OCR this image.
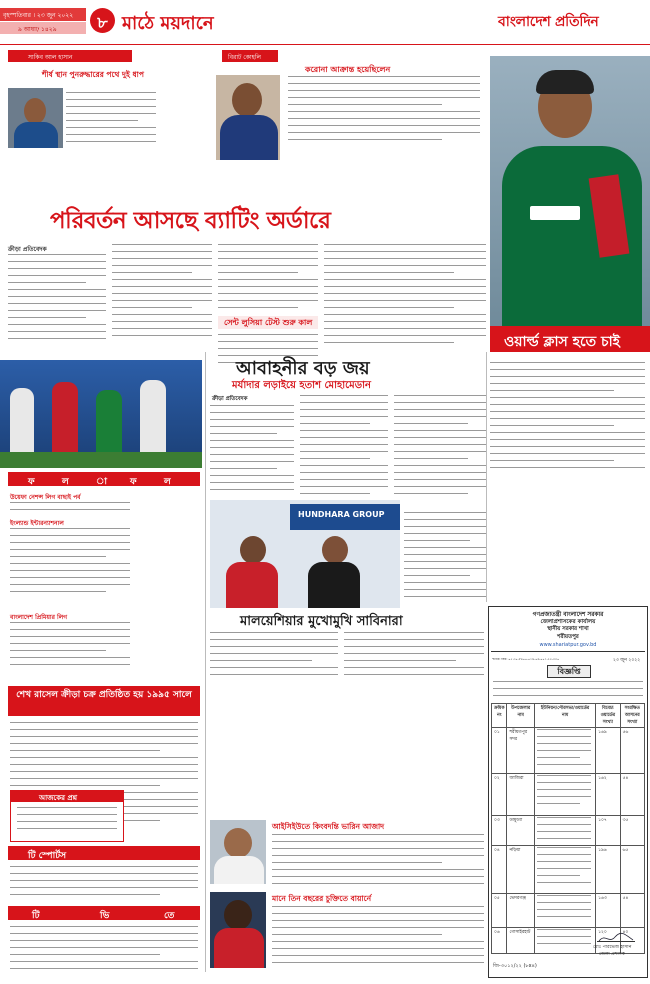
বৃহস্পতিবার । ২৩ জুন ২০২২
৯ আষাঢ় ১৪২৯	৮ মাঠে ময়দানে	বাংলাদেশ প্রতিদিন
সাকিব আল হাসান
শীর্ষ স্থান পুনরুদ্ধারের পথে দুই ধাপ
বিরাট কোহলি
করোনা আক্রান্ত হয়েছিলেন
ওয়ার্ল্ড ক্লাস হতে চাই
পরিবর্তন আসছে ব্যাটিং অর্ডারে
ক্রীড়া প্রতিবেদক
সেন্ট লুসিয়া টেস্ট শুরু কাল
আবাহনীর বড় জয়
মর্যাদার লড়াইয়ে হতাশ মোহামেডান
ক্রীড়া প্রতিবেদক
HUNDHARA GROUP
মালয়েশিয়ার মুখোমুখি সাবিনারা
ফ	ল	া	ফ	ল
উয়েফা নেশন্স লিগ বাছাই পর্ব
ইংল্যান্ড ইন্টারন্যাশনাল
বাংলাদেশ প্রিমিয়ার লিগ
শেখ রাসেল ক্রীড়া চক্র প্রতিষ্ঠিত হয় ১৯৯৫ সালে
আজকের প্রশ্ন
টি স্পোর্টস
টি	ভি	তে
আইসিইউতে কিংবদন্তি ভারিন আজাদ
মানে তিন বছরের চুক্তিতে বায়ার্নে
গণপ্রজাতন্ত্রী বাংলাদেশ সরকার
জেলাপ্রশাসকের কার্যালয়
স্থানীয় সরকার শাখা
শরীয়তপুর
www.shariatpur.gov.bd
স্মারক নম্বর: ০৫.৩০.৮৬০০.০১৬.০৬.০০১.২২-৩৩০	২৩ জুন ২০২২
বিজ্ঞপ্তি
ক্রমিক নং	উপজেলার নাম	ইউনিয়ন/পৌরসভা/ওয়ার্ডের নাম	বিবেচ্য ওয়ার্ডের সংখ্যা	সংরক্ষিত আসনের সংখ্যা
০১	শরীয়তপুর সদর		১৬৯	৫৬
০২	জাজিরা		১৬২	৫৪
০৩	ডামুড্যা		১০৭	৩৫
০৪	নড়িয়া		১৯৬	৬৫
০৫	ভেদরগঞ্জ		১৬৩	৫৪
০৬	গোসাইরহাট		১২০	৪০
মোঃ পারভেজ হাসান
জেলা প্রশাসক
জি-৩০১২/২২ (৮x৪)
